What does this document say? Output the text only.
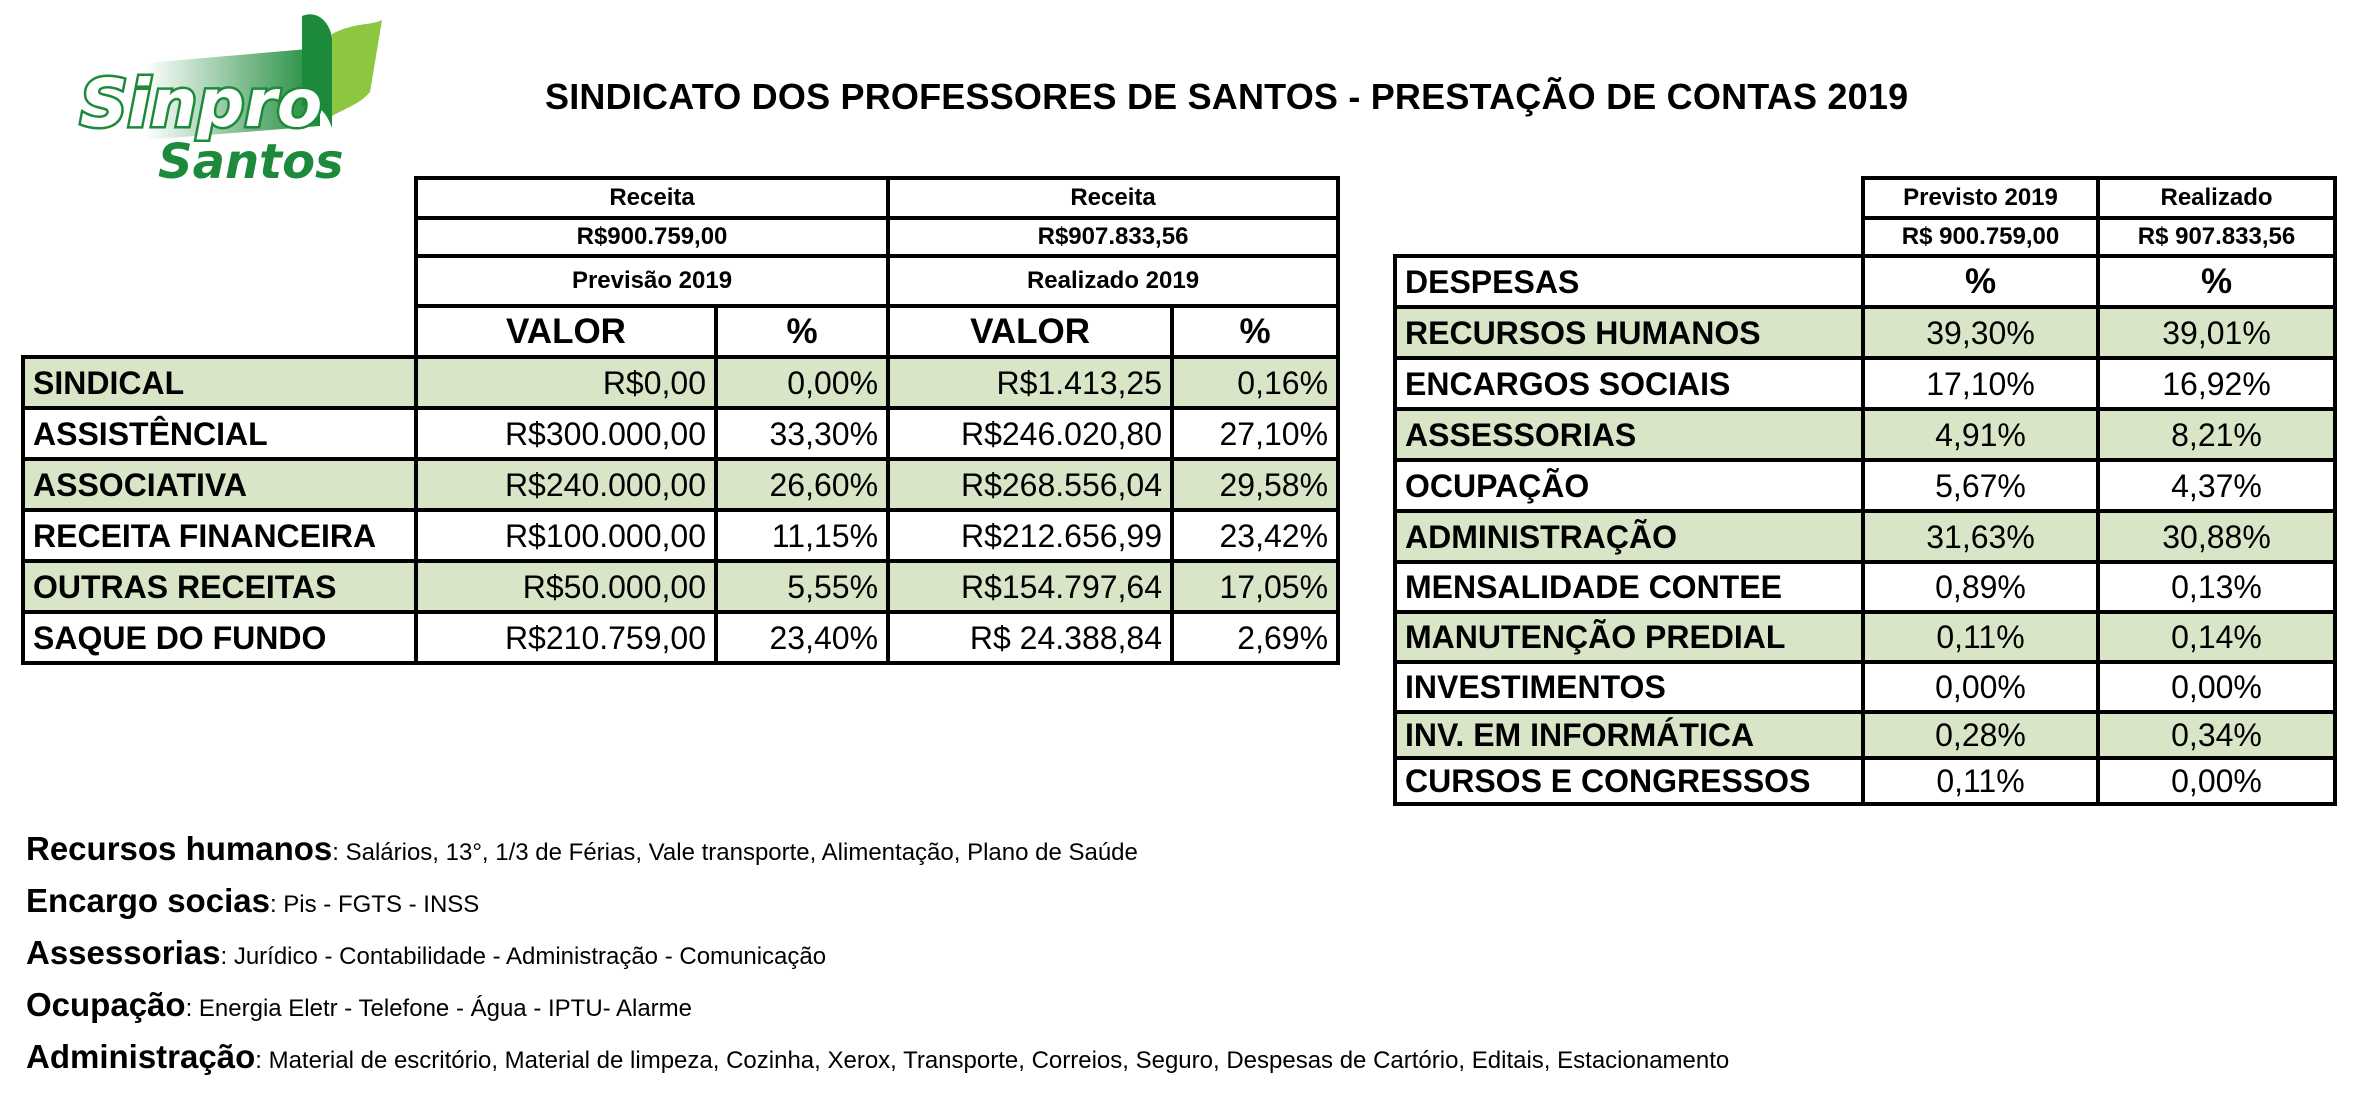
Sinpro
Santos
SINDICATO DOS PROFESSORES DE SANTOS - PRESTAÇÃO DE CONTAS 2019
	Receita		Receita	
	R$900.759,00		R$907.833,56	
	Previsão 2019		Realizado 2019	
	VALOR	%	VALOR	%
SINDICAL	R$0,00	0,00%	R$1.413,25	0,16%
ASSISTÊNCIAL	R$300.000,00	33,30%	R$246.020,80	27,10%
ASSOCIATIVA	R$240.000,00	26,60%	R$268.556,04	29,58%
RECEITA FINANCEIRA	R$100.000,00	11,15%	R$212.656,99	23,42%
OUTRAS RECEITAS	R$50.000,00	5,55%	R$154.797,64	17,05%
SAQUE DO FUNDO	R$210.759,00	23,40%	R$ 24.388,84	2,69%
	Previsto 2019	Realizado
	R$ 900.759,00	R$ 907.833,56
DESPESAS	%	%
RECURSOS HUMANOS	39,30%	39,01%
ENCARGOS SOCIAIS	17,10%	16,92%
ASSESSORIAS	4,91%	8,21%
OCUPAÇÃO	5,67%	4,37%
ADMINISTRAÇÃO	31,63%	30,88%
MENSALIDADE CONTEE	0,89%	0,13%
MANUTENÇÃO PREDIAL	0,11%	0,14%
INVESTIMENTOS	0,00%	0,00%
INV. EM INFORMÁTICA	0,28%	0,34%
CURSOS E CONGRESSOS	0,11%	0,00%
Recursos humanos: Salários, 13°, 1/3 de Férias, Vale transporte, Alimentação, Plano de Saúde
Encargo socias: Pis - FGTS - INSS
Assessorias: Jurídico - Contabilidade - Administração - Comunicação
Ocupação: Energia Eletr - Telefone - Água - IPTU- Alarme
Administração: Material de escritório, Material de limpeza, Cozinha, Xerox, Transporte, Correios, Seguro, Despesas de Cartório, Editais, Estacionamento
